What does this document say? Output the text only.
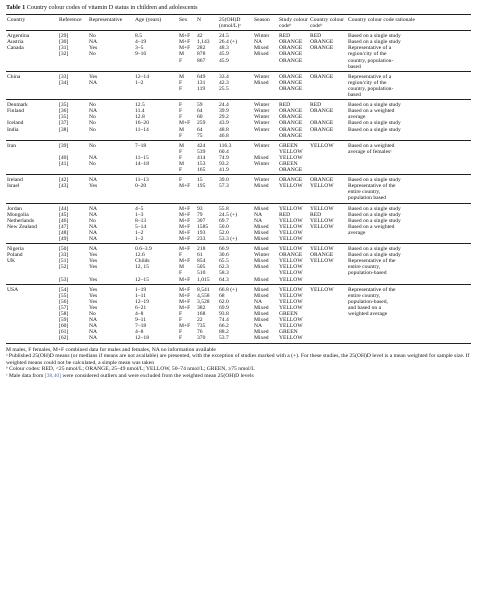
Table 1 Country colour codes of vitamin D status in children and adolescents

Country	Reference	Representative	Age (years)	Sex	N	25(OH)D (nmol/L)ᵃ	Season	Study colour codeᵇ	Country colour codeᵇ	Country colour code rationale
Argentina	[29]	No	8.5	M+F	42	24.5	Winter	RED	RED	Based on a single study
Austria	[30]	NA	4–19	M+F	1,143	26.4 (+)	NA	ORANGE	ORANGE	Based on a single study
Canada	[31]	Yes	3–5	M+F	282	48.3	Mixed	ORANGE	ORANGE	Representative of a
	[32]	No	9–16	M	878	45.9	Mixed	ORANGE		region/city of the
				F	867	45.9		ORANGE		country, population-
										based
China	[33]	Yes	12–14	M	649	33.4	Winter	ORANGE	ORANGE	Representative of a
	[34]	NA	1–2	F	131	42.3	Mixed	ORANGE		region/city of the
				F	119	25.5		ORANGE		country, population-
										based
Denmark	[35]	No	12.5	F	59	24.4	Winter	RED	RED	Based on a single study
Finland	[36]	NA	11.4	F	64	39.9	Winter	ORANGE	ORANGE	Based on a weighted
	[35]	No	12.8	F	60	29.2	Winter	ORANGE		average
Iceland	[37]	No	16–20	M+F	259	43.9	Winter	ORANGE	ORANGE	Based on a single study
India	[38]	No	11–14	M	64	48.8	Winter	ORANGE	ORANGE	Based on a single study
				F	75	46.8		ORANGE		
Iran	[39]	No	7–18	M	424	116.3	Winter	GREEN	YELLOW	Based on a weighted
				F	539	60.4		YELLOW		average of femalesᶜ
	[40]	NA	11–15	F	414	74.9	Mixed	YELLOW		
	[41]	No	14–18	M	153	93.2	Winter	GREEN		
				F	165	41.9		ORANGE		
Ireland	[42]	NA	11–13	F	15	39.0	Winter	ORANGE	ORANGE	Based on a single study
Israel	[43]	Yes	0–20	M+F	195	57.3	Mixed	YELLOW	YELLOW	Representative of the
										entire country,
										population based
Jordan	[44]	NA	4–5	M+F	93	55.8	Mixed	YELLOW	YELLOW	Based on a single study
Mongolia	[45]	NA	1–3	M+F	79	24.5 (+)	NA	RED	RED	Based on a single study
Netherlands	[46]	No	8–13	M+F	307	69.7	NA	YELLOW	YELLOW	Based on a single study
New Zealand	[47]	NA	5–14	M+F	1585	50.0	Mixed	YELLOW	YELLOW	Based on a weighted
	[48]	NA	1–2	M+F	193	52.0	Mixed	YELLOW		average
	[49]	NA	1–2	M+F	233	53.3 (+)	Mixed	YELLOW		
Nigeria	[50]	NA	0.6–3.9	M+F	218	66.9	Mixed	YELLOW	YELLOW	Based on a single study
Poland	[33]	Yes	12.6	F	61	30.6	Winter	ORANGE	ORANGE	Based on a single study
UK	[51]	Yes	Childs	M+F	854	65.5	Mixed	YELLOW	YELLOW	Representative of the
	[52]	Yes	12, 15	M	505	62.3	Mixed	YELLOW		entire country,
				F	510	58.3		YELLOW		population-based
	[53]	Yes	12–15	M+F	1,015	64.3	Mixed	YELLOW		
USA	[54]	Yes	1–19	M+F	8,541	66.8 (+)	Mixed	YELLOW	YELLOW	Representative of the
	[55]	Yes	1–11	M+F	4,558	68	Mixed	YELLOW		entire country,
	[56]	Yes	12–19	M+F	3,528	62.0	NA	YELLOW		population-based,
	[57]	Yes	6–21	M+F	382	69.9	Mixed	YELLOW		and based on a
	[58]	No	4–8	F	168	93.8	Mixed	GREEN		weighted average
	[59]	NA	9–11	F	22	74.4	Mixed	YELLOW		
	[60]	NA	7–18	M+F	735	66.2	NA	YELLOW		
	[61]	NA	4–8	F	76	88.2	Mixed	GREEN		
	[62]	NA	12–18	F	370	53.7	Mixed	YELLOW		

M males, F females, M+F combined data for males and females, NA no information available

ᵃ Published 25(OH)D means (or medians if means are not available) are presented, with the exception of studies marked with a (+). For these studies, the 25(OH)D level is a mean weighted for sample size. If weighted means could not be calculated, a simple mean was taken

ᵇ Colour codes: RED, <25 nmol/L; ORANGE, 25–49 nmol/L; YELLOW, 50–74 nmol/L; GREEN, ≥75 nmol/L

ᶜ Male data from [38,40] were considered outliers and were excluded from the weighted mean 25(OH)D levels
